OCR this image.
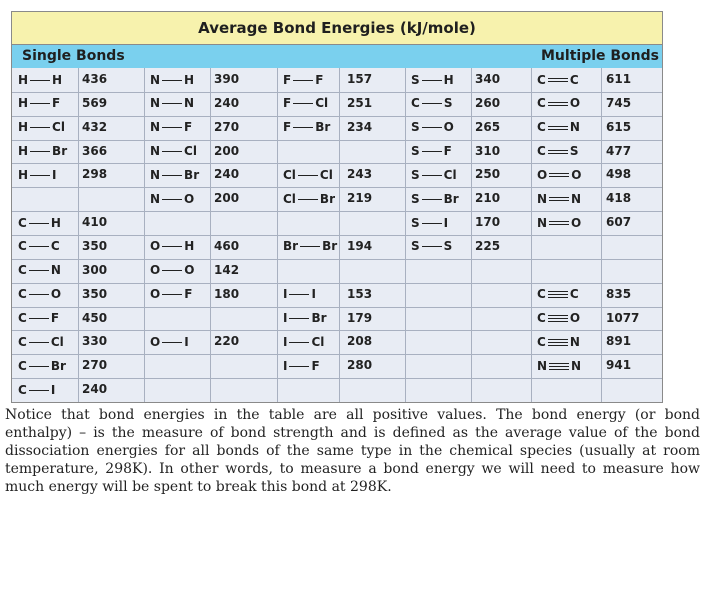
Average Bond Energies (kJ/mole)
Single Bonds	Multiple Bonds
H H 436
H F 569
H Cl 432
H Br 366
H I 298
C H 410
C C 350
C N 300
C O 350
C F 450
C Cl 330
C Br 270
C I 240
N H 390
N N 240
N F 270
N Cl 200
N Br 240
N O 200
O H 460
O O 142
O F 180
O I 220
F F 157
F Cl 251
F Br 234
Cl Cl 243
Cl Br 219
Br Br 194
I I	153
I Br 179
I Cl 208
I F 280
S H 340
C S 260
S O 265
S F 310
S Cl 250
S Br 210
S I 170
S S 225
C C 611
C O 745
C N 615
C S 477
O O 498
N N 418
N O 607
C C 835
C O 1077
C N 891
N N 941

Notice that bond energies in the table are all positive values. The bond energy (or bond enthalpy) – is the measure of bond strength and is defined as the average value of the bond dissociation energies for all bonds of the same type in the chemical species (usually at room temperature, 298K). In other words, to measure a bond energy we will need to measure how much energy will be spent to break this bond at 298K.
